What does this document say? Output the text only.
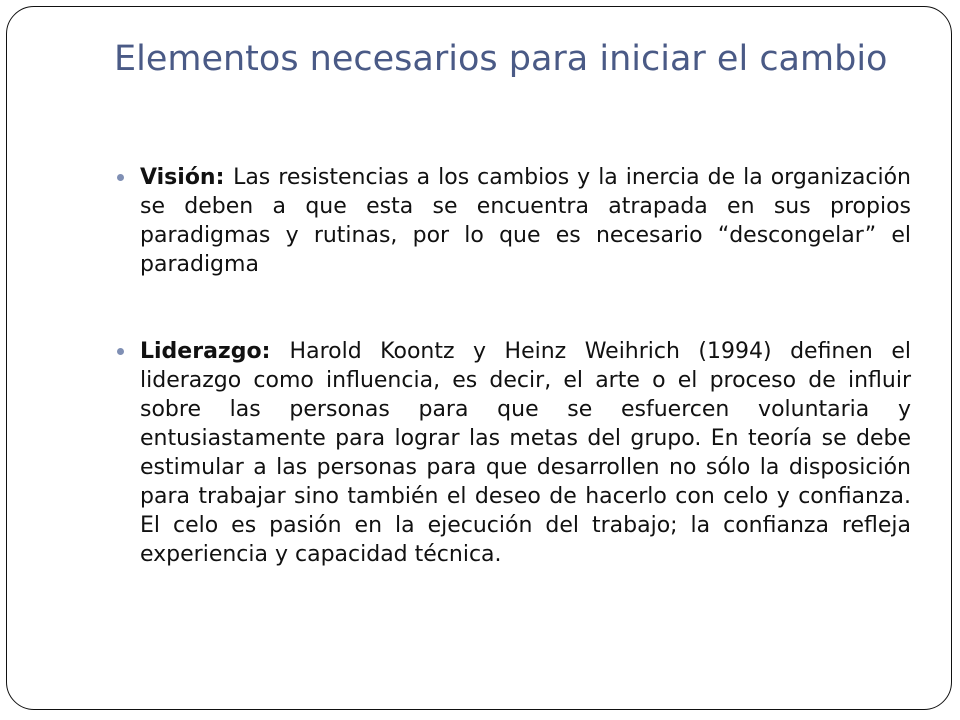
Elementos necesarios para iniciar el cambio
Visión: Las resistencias a los cambios y la inercia de la organización se deben a que esta se encuentra atrapada en sus propios paradigmas y rutinas, por lo que es necesario “descongelar” el paradigma
Liderazgo: Harold Koontz y Heinz Weihrich (1994) definen el liderazgo como influencia, es decir, el arte o el proceso de influir sobre las personas para que se esfuercen voluntaria y entusiastamente para lograr las metas del grupo. En teoría se debe estimular a las personas para que desarrollen no sólo la disposición para trabajar sino también el deseo de hacerlo con celo y confianza. El celo es pasión en la ejecución del trabajo; la confianza refleja experiencia y capacidad técnica.
